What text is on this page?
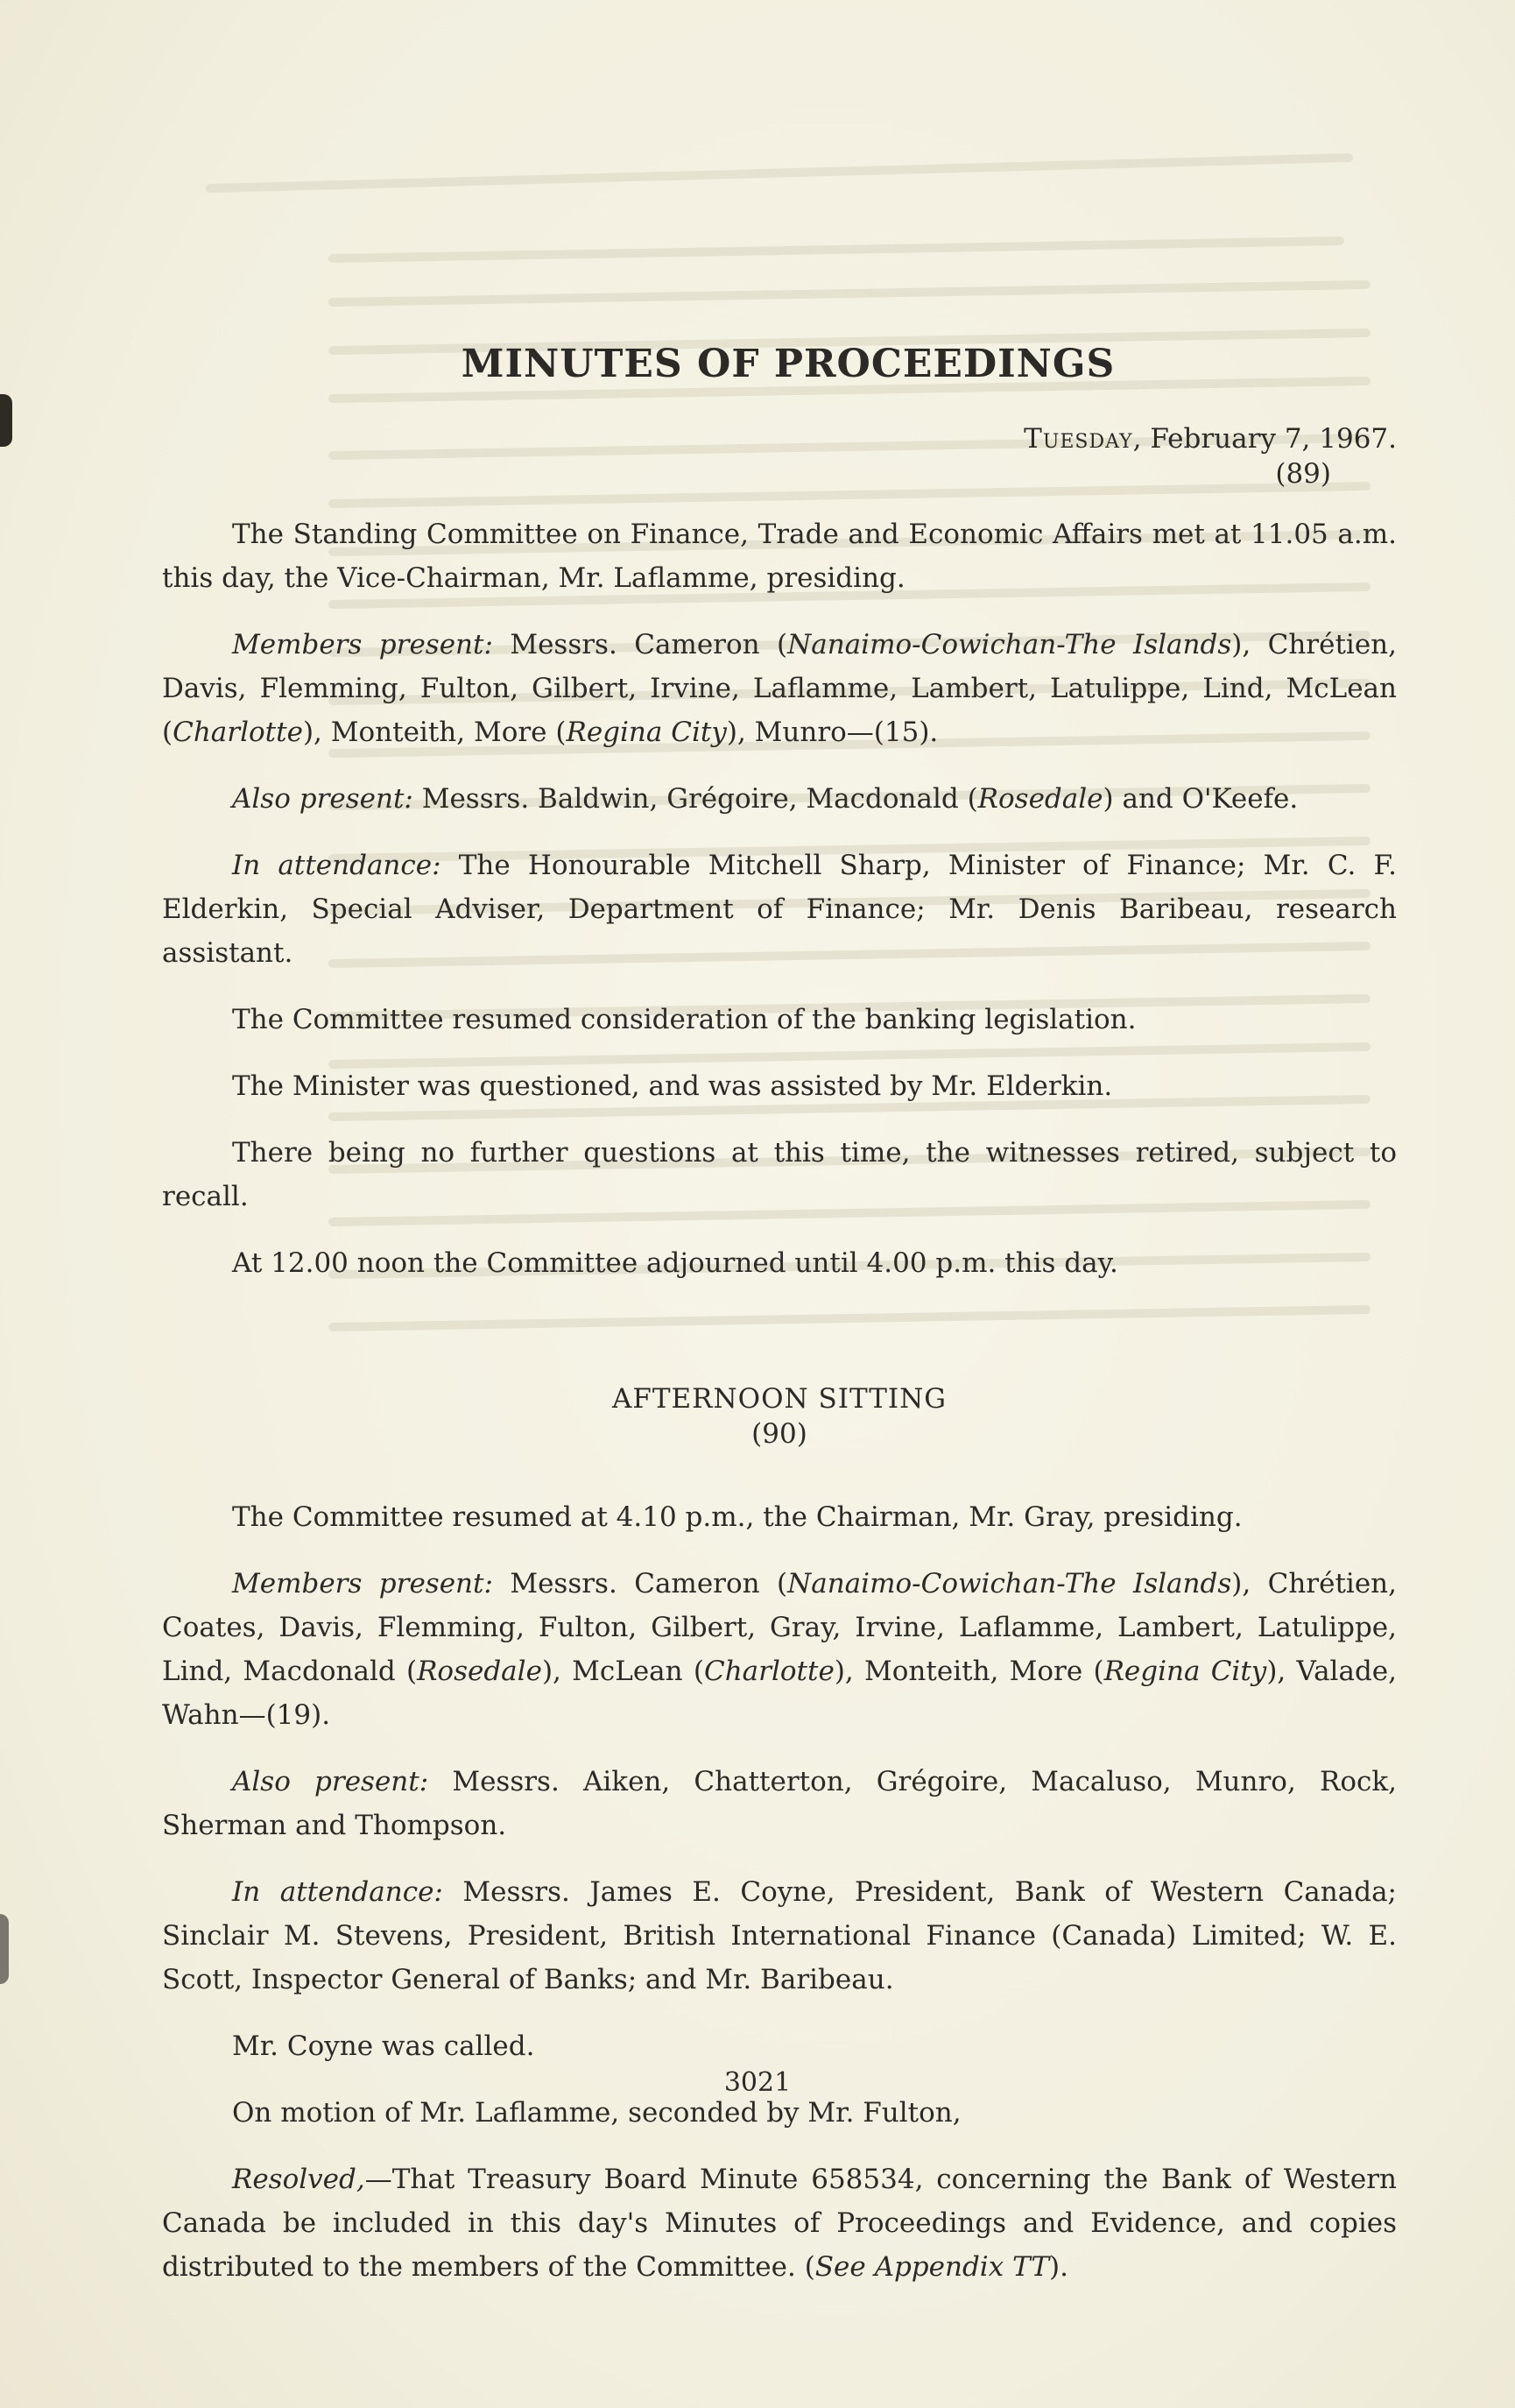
MINUTES OF PROCEEDINGS
Tuesday, February 7, 1967.
(89)

The Standing Committee on Finance, Trade and Economic Affairs met at 11.05 a.m. this day, the Vice-Chairman, Mr. Laflamme, presiding.

Members present: Messrs. Cameron (Nanaimo-Cowichan-The Islands), Chrétien, Davis, Flemming, Fulton, Gilbert, Irvine, Laflamme, Lambert, Latulippe, Lind, McLean (Charlotte), Monteith, More (Regina City), Munro—(15).

Also present: Messrs. Baldwin, Grégoire, Macdonald (Rosedale) and O'Keefe.

In attendance: The Honourable Mitchell Sharp, Minister of Finance; Mr. C. F. Elderkin, Special Adviser, Department of Finance; Mr. Denis Baribeau, research assistant.

The Committee resumed consideration of the banking legislation.

The Minister was questioned, and was assisted by Mr. Elderkin.

There being no further questions at this time, the witnesses retired, subject to recall.

At 12.00 noon the Committee adjourned until 4.00 p.m. this day.

AFTERNOON SITTING
(90)

The Committee resumed at 4.10 p.m., the Chairman, Mr. Gray, presiding.

Members present: Messrs. Cameron (Nanaimo-Cowichan-The Islands), Chrétien, Coates, Davis, Flemming, Fulton, Gilbert, Gray, Irvine, Laflamme, Lambert, Latulippe, Lind, Macdonald (Rosedale), McLean (Charlotte), Monteith, More (Regina City), Valade, Wahn—(19).

Also present: Messrs. Aiken, Chatterton, Grégoire, Macaluso, Munro, Rock, Sherman and Thompson.

In attendance: Messrs. James E. Coyne, President, Bank of Western Canada; Sinclair M. Stevens, President, British International Finance (Canada) Limited; W. E. Scott, Inspector General of Banks; and Mr. Baribeau.

Mr. Coyne was called.

On motion of Mr. Laflamme, seconded by Mr. Fulton,

Resolved,—That Treasury Board Minute 658534, concerning the Bank of Western Canada be included in this day's Minutes of Proceedings and Evidence, and copies distributed to the members of the Committee. (See Appendix TT).

3021
